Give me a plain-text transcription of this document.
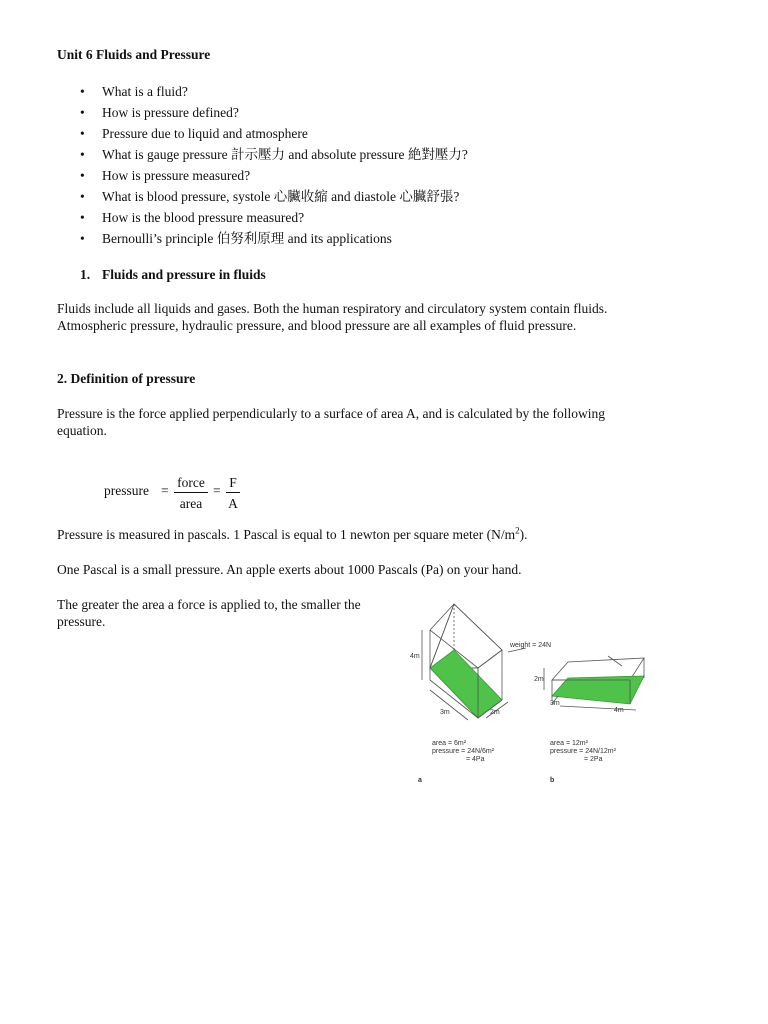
Unit 6 Fluids and Pressure
• What is a fluid?
• How is pressure defined?
• Pressure due to liquid and atmosphere
• What is gauge pressure 計示壓力 and absolute pressure 絶對壓力?
• How is pressure measured?
• What is blood pressure, systole 心臟收縮 and diastole 心臟舒張?
• How is the blood pressure measured?
• Bernoulli’s principle 伯努利原理 and its applications
1. Fluids and pressure in fluids
Fluids include all liquids and gases. Both the human respiratory and circulatory system contain fluids.
Atmospheric pressure, hydraulic pressure, and blood pressure are all examples of fluid pressure.
2. Definition of pressure
Pressure is the force applied perpendicularly to a surface of area A, and is calculated by the following
equation.
pressure =
force
area
=
F
A
Pressure is measured in pascals. 1 Pascal is equal to 1 newton per square meter $(N/m^2)$.
One Pascal is a small pressure. An apple exerts about 1000 Pascals (Pa) on your hand.
The greater the area a force is applied to, the smaller the
pressure.
4m
3m	2m
weight = 24N
2m
3m
4m
area = 6m²
pressure = 24N/6m²
= 4Pa
a
area = 12m²
pressure = 24N/12m²
= 2Pa
b
